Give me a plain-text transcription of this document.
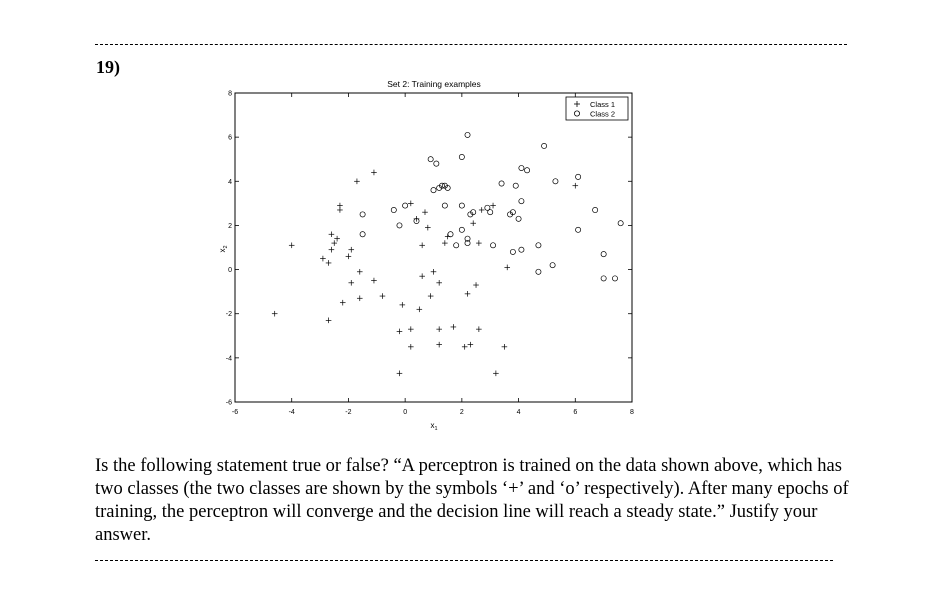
19)
Set 2: Training examples
-6	-4	-2	0	2	4	6	8
-6
-4
-2
0
2
4
6
8
$x_1$
$x_2$
Class 1
Class 2
Is the following statement true or false? “A perceptron is trained on the data shown above, which has two classes (the two classes are shown by the symbols ‘+’ and ‘o’ respectively). After many epochs of training, the perceptron will converge and the decision line will reach a steady state.” Justify your answer.
